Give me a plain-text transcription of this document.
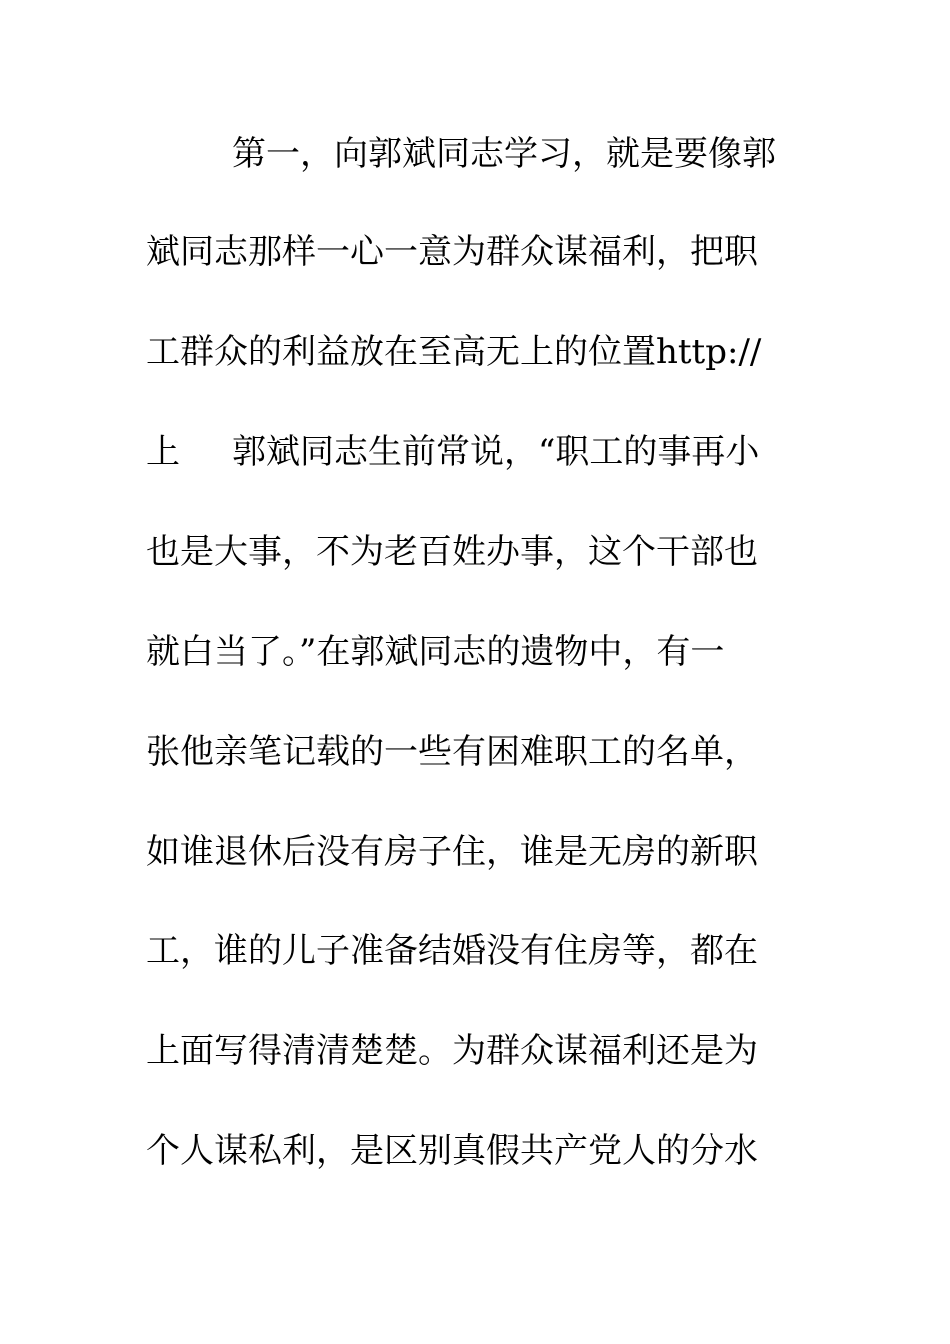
第一，向郭斌同志学习，就是要像郭
斌同志那样一心一意为群众谋福利，把职
工群众的利益放在至高无上的位置http://
上 郭斌同志生前常说，“职工的事再小
也是大事，不为老百姓办事，这个干部也
就白当了。”在郭斌同志的遗物中，有一
张他亲笔记载的一些有困难职工的名单，
如谁退休后没有房子住，谁是无房的新职
工，谁的儿子准备结婚没有住房等，都在
上面写得清清楚楚。为群众谋福利还是为
个人谋私利，是区别真假共产党人的分水
